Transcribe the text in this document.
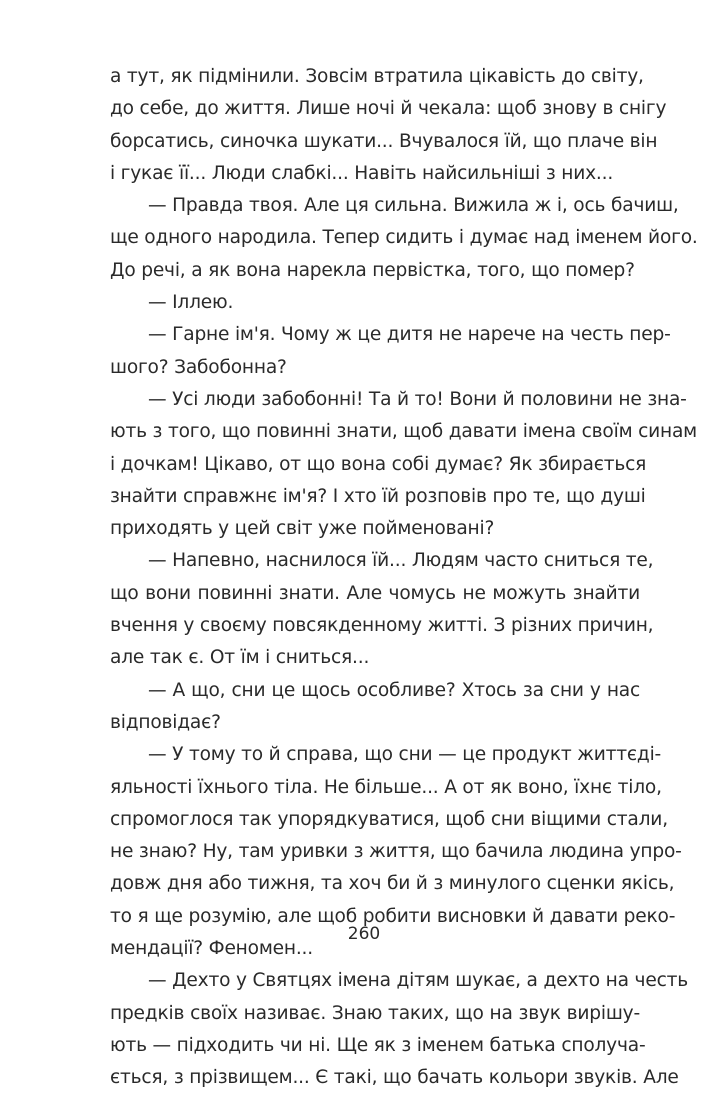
а тут, як підмінили. Зовсім втратила цікавість до світу,
до себе, до життя. Лише ночі й чекала: щоб знову в снігу
борсатись, синочка шукати... Вчувалося їй, що плаче він
і гукає її... Люди слабкі... Навіть найсильніші з них...
— Правда твоя. Але ця сильна. Вижила ж і, ось бачиш,
ще одного народила. Тепер сидить і думає над іменем його.
До речі, а як вона нарекла первістка, того, що помер?
— Іллею.
— Гарне ім'я. Чому ж це дитя не нарече на честь пер-
шого? Забобонна?
— Усі люди забобонні! Та й то! Вони й половини не зна-
ють з того, що повинні знати, щоб давати імена своїм синам
і дочкам! Цікаво, от що вона собі думає? Як збирається
знайти справжнє ім'я? І хто їй розповів про те, що душі
приходять у цей світ уже пойменовані?
— Напевно, наснилося їй... Людям часто сниться те,
що вони повинні знати. Але чомусь не можуть знайти
вчення у своєму повсякденному житті. З різних причин,
але так є. От їм і сниться...
— А що, сни це щось особливе? Хтось за сни у нас
відповідає?
— У тому то й справа, що сни — це продукт життєді-
яльності їхнього тіла. Не більше... А от як воно, їхнє тіло,
спромоглося так упорядкуватися, щоб сни віщими стали,
не знаю? Ну, там уривки з життя, що бачила людина упро-
довж дня або тижня, та хоч би й з минулого сценки якісь,
то я ще розумію, але щоб робити висновки й давати реко-
мендації? Феномен...
— Дехто у Святцях імена дітям шукає, а дехто на честь
предків своїх називає. Знаю таких, що на звук вирішу-
ють — підходить чи ні. Ще як з іменем батька сполуча-
ється, з прізвищем... Є такі, що бачать кольори звуків. Але
260
